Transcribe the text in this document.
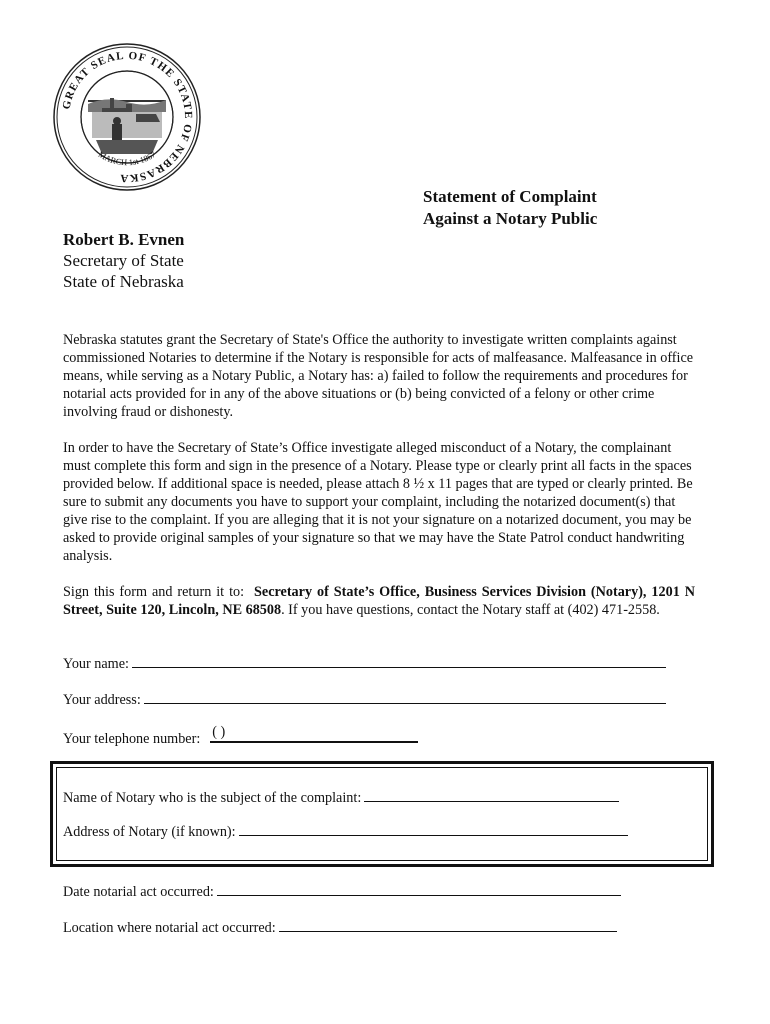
GREAT SEAL OF THE STATE OF NEBRASKA
MARCH 1st 1867
Statement of Complaint
Against a Notary Public
Robert B. Evnen
Secretary of State
State of Nebraska

Nebraska statutes grant the Secretary of State's Office the authority to investigate written complaints against commissioned Notaries to determine if the Notary is responsible for acts of malfeasance. Malfeasance in office means, while serving as a Notary Public, a Notary has: a) failed to follow the requirements and procedures for notarial acts provided for in any of the above situations or (b) being convicted of a felony or other crime involving fraud or dishonesty.

In order to have the Secretary of State’s Office investigate alleged misconduct of a Notary, the complainant must complete this form and sign in the presence of a Notary. Please type or clearly print all facts in the spaces provided below. If additional space is needed, please attach 8 ½ x 11 pages that are typed or clearly printed. Be sure to submit any documents you have to support your complaint, including the notarized document(s) that give rise to the complaint. If you are alleging that it is not your signature on a notarized document, you may be asked to provide original samples of your signature so that we may have the State Patrol conduct handwriting analysis.

Sign this form and return it to: Secretary of State’s Office, Business Services Division (Notary), 1201 N Street, Suite 120, Lincoln, NE 68508. If you have questions, contact the Notary staff at (402) 471-2558.

Your name:
Your address:
Your telephone number: ( )
Name of Notary who is the subject of the complaint:
Address of Notary (if known):
Date notarial act occurred:
Location where notarial act occurred:
